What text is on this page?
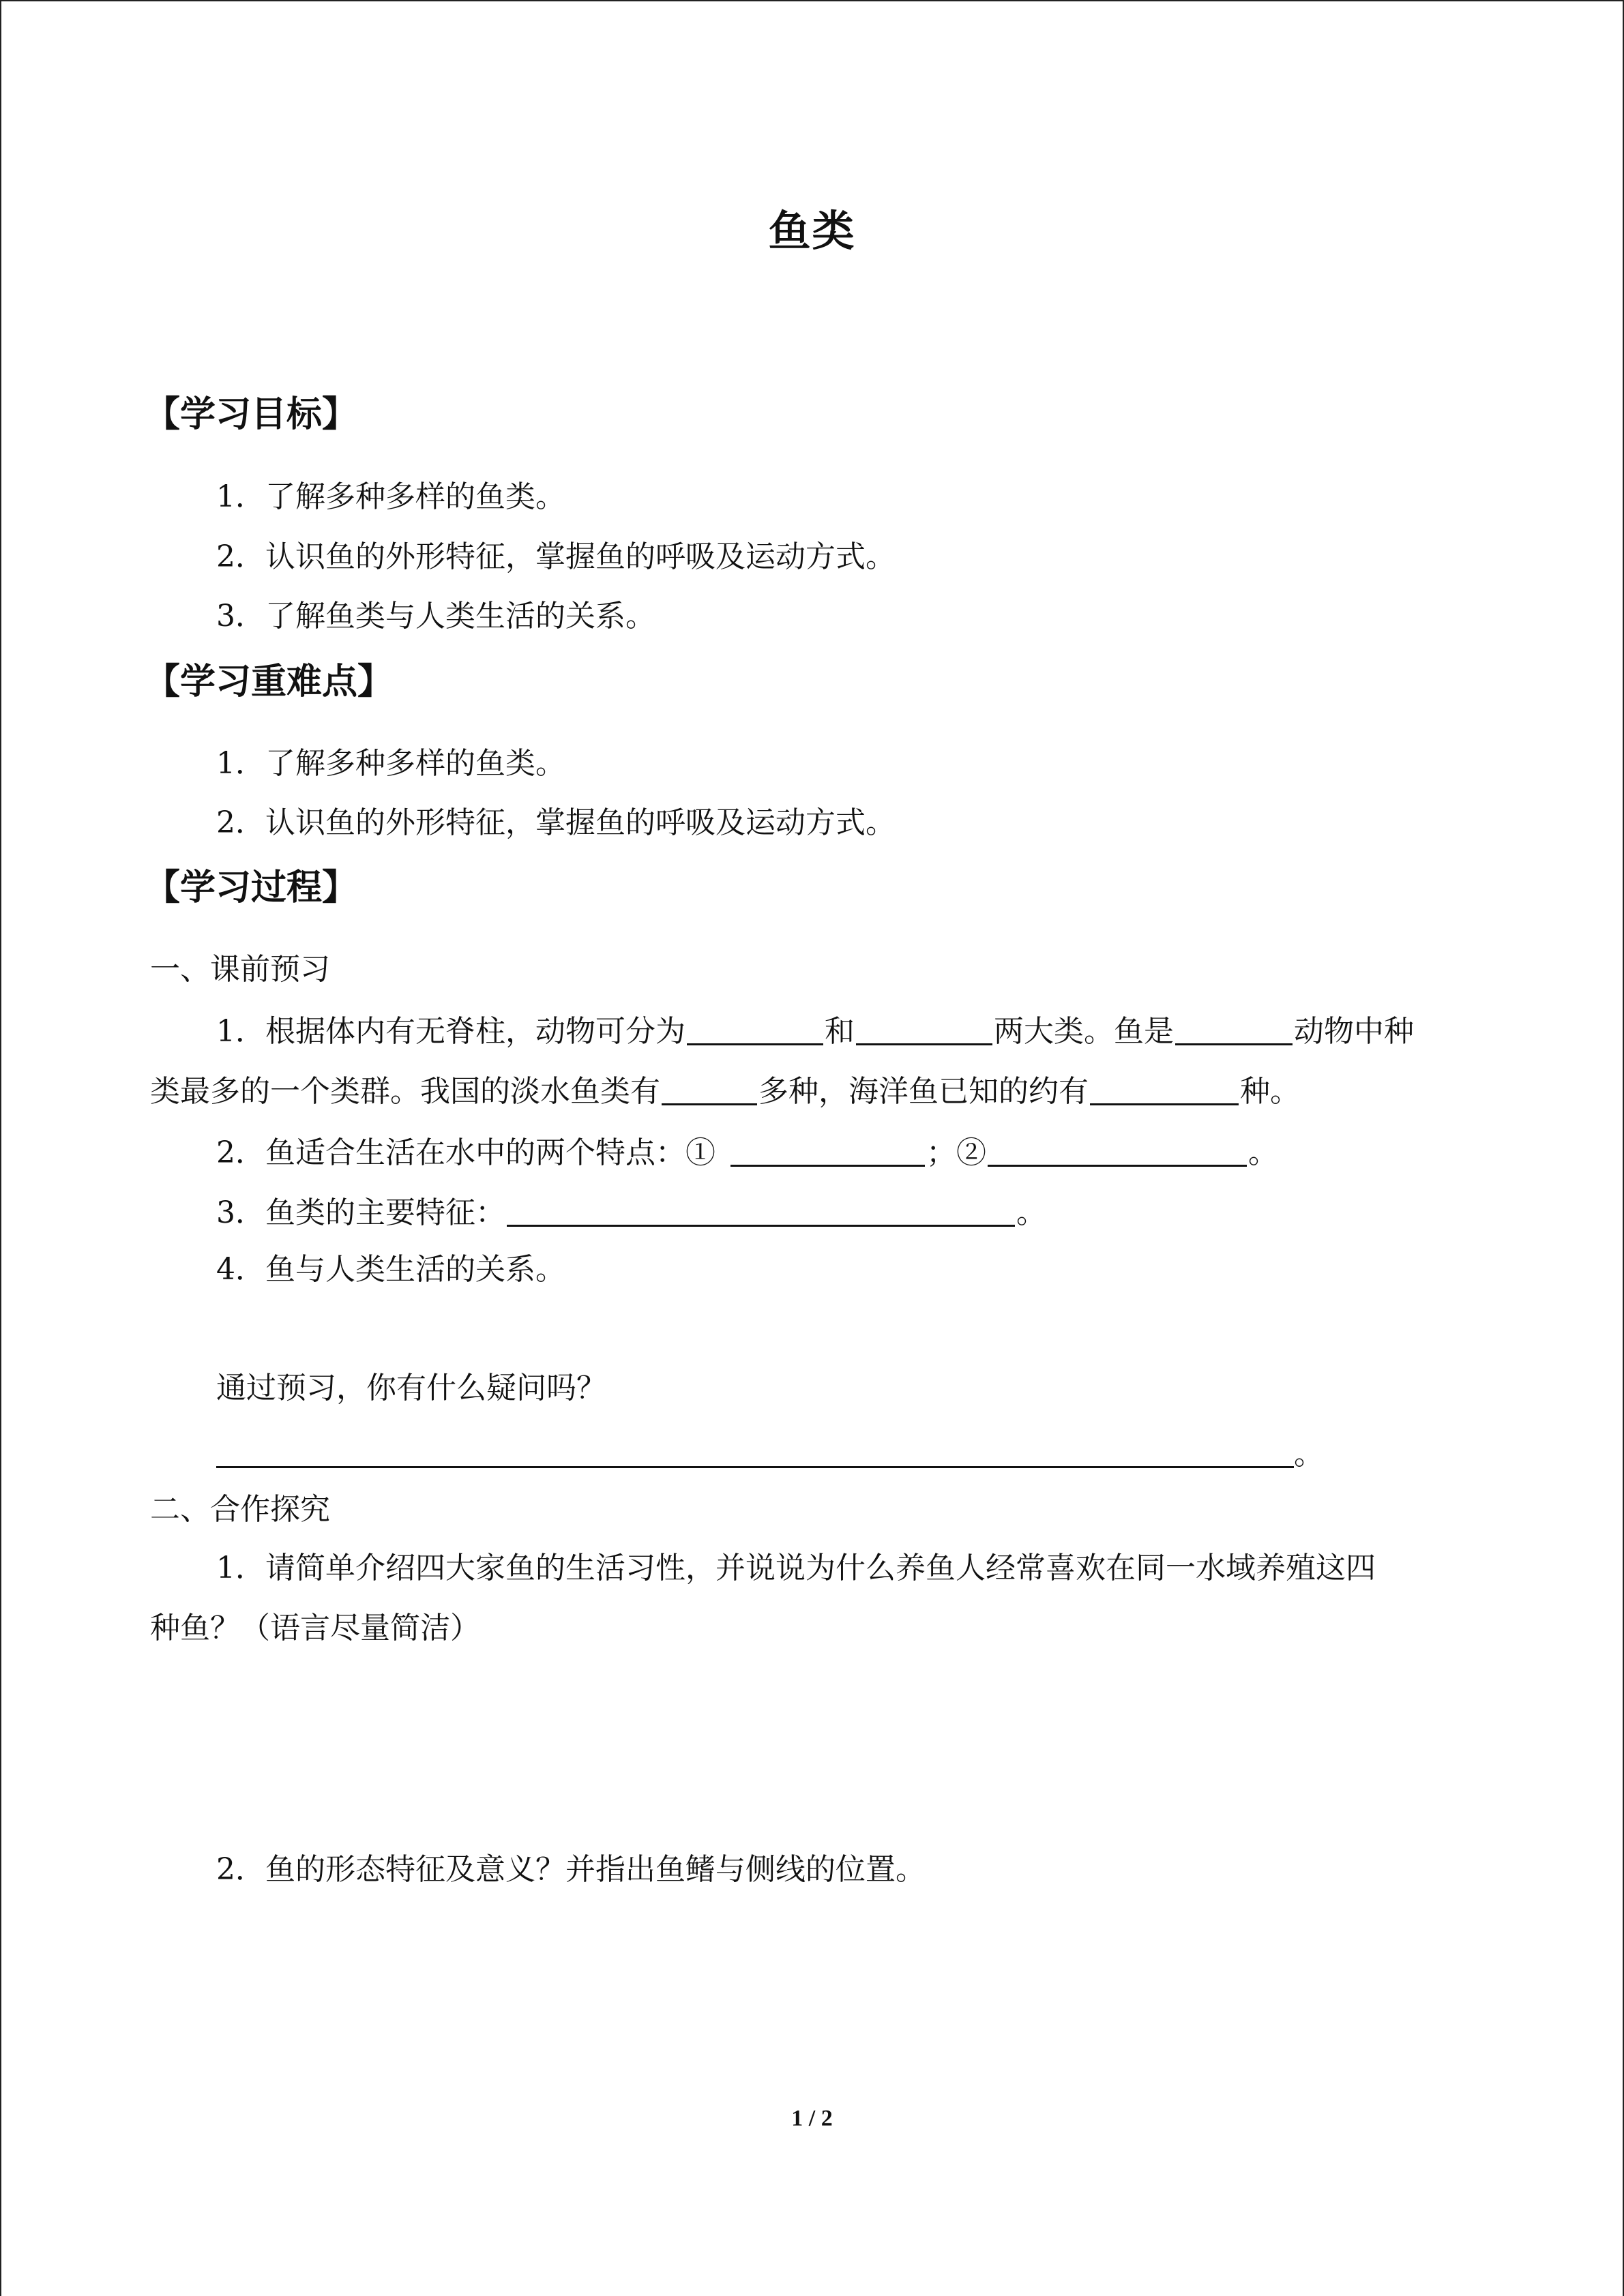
鱼类
【学习目标】
1．了解多种多样的鱼类。
2．认识鱼的外形特征，掌握鱼的呼吸及运动方式。
3．了解鱼类与人类生活的关系。
【学习重难点】
1．了解多种多样的鱼类。
2．认识鱼的外形特征，掌握鱼的呼吸及运动方式。
【学习过程】
一、课前预习
1．根据体内有无脊柱，动物可分为	和	两大类。鱼是	动物中种
类最多的一个类群。我国的淡水鱼类有	多种，海洋鱼已知的约有	种。
2．鱼适合生活在水中的两个特点：①	；②	。
3．鱼类的主要特征：	。
4．鱼与人类生活的关系。
通过预习，你有什么疑问吗？
。
二、合作探究
1．请简单介绍四大家鱼的生活习性，并说说为什么养鱼人经常喜欢在同一水域养殖这四
种鱼？（语言尽量简洁）
2．鱼的形态特征及意义？并指出鱼鳍与侧线的位置。
1 / 2
